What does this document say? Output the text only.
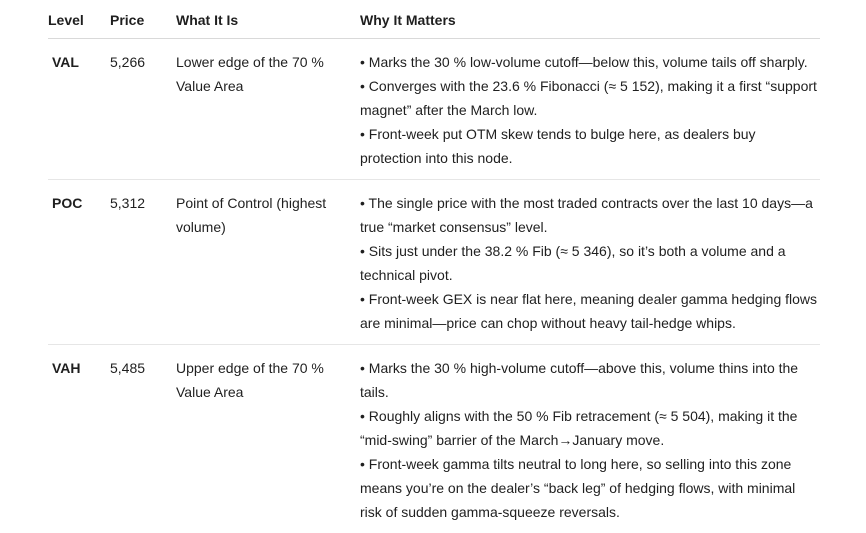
Level	Price	What It Is	Why It Matters
VAL	5,266	Lower edge of the 70 % Value Area	• Marks the 30 % low-volume cutoff—below this, volume tails off sharply.
• Converges with the 23.6 % Fibonacci (≈ 5 152), making it a first “support magnet” after the March low.
• Front-week put OTM skew tends to bulge here, as dealers buy protection into this node.

POC	5,312	Point of Control (highest volume)	• The single price with the most traded contracts over the last 10 days—a true “market consensus” level.
• Sits just under the 38.2 % Fib (≈ 5 346), so it’s both a volume and a technical pivot.
• Front-week GEX is near flat here, meaning dealer gamma hedging flows are minimal—price can chop without heavy tail-hedge whips.

VAH	5,485	Upper edge of the 70 % Value Area	• Marks the 30 % high-volume cutoff—above this, volume thins into the tails.
• Roughly aligns with the 50 % Fib retracement (≈ 5 504), making it the “mid-swing” barrier of the March→January move.
• Front-week gamma tilts neutral to long here, so selling into this zone means you’re on the dealer’s “back leg” of hedging flows, with minimal risk of sudden gamma-squeeze reversals.
